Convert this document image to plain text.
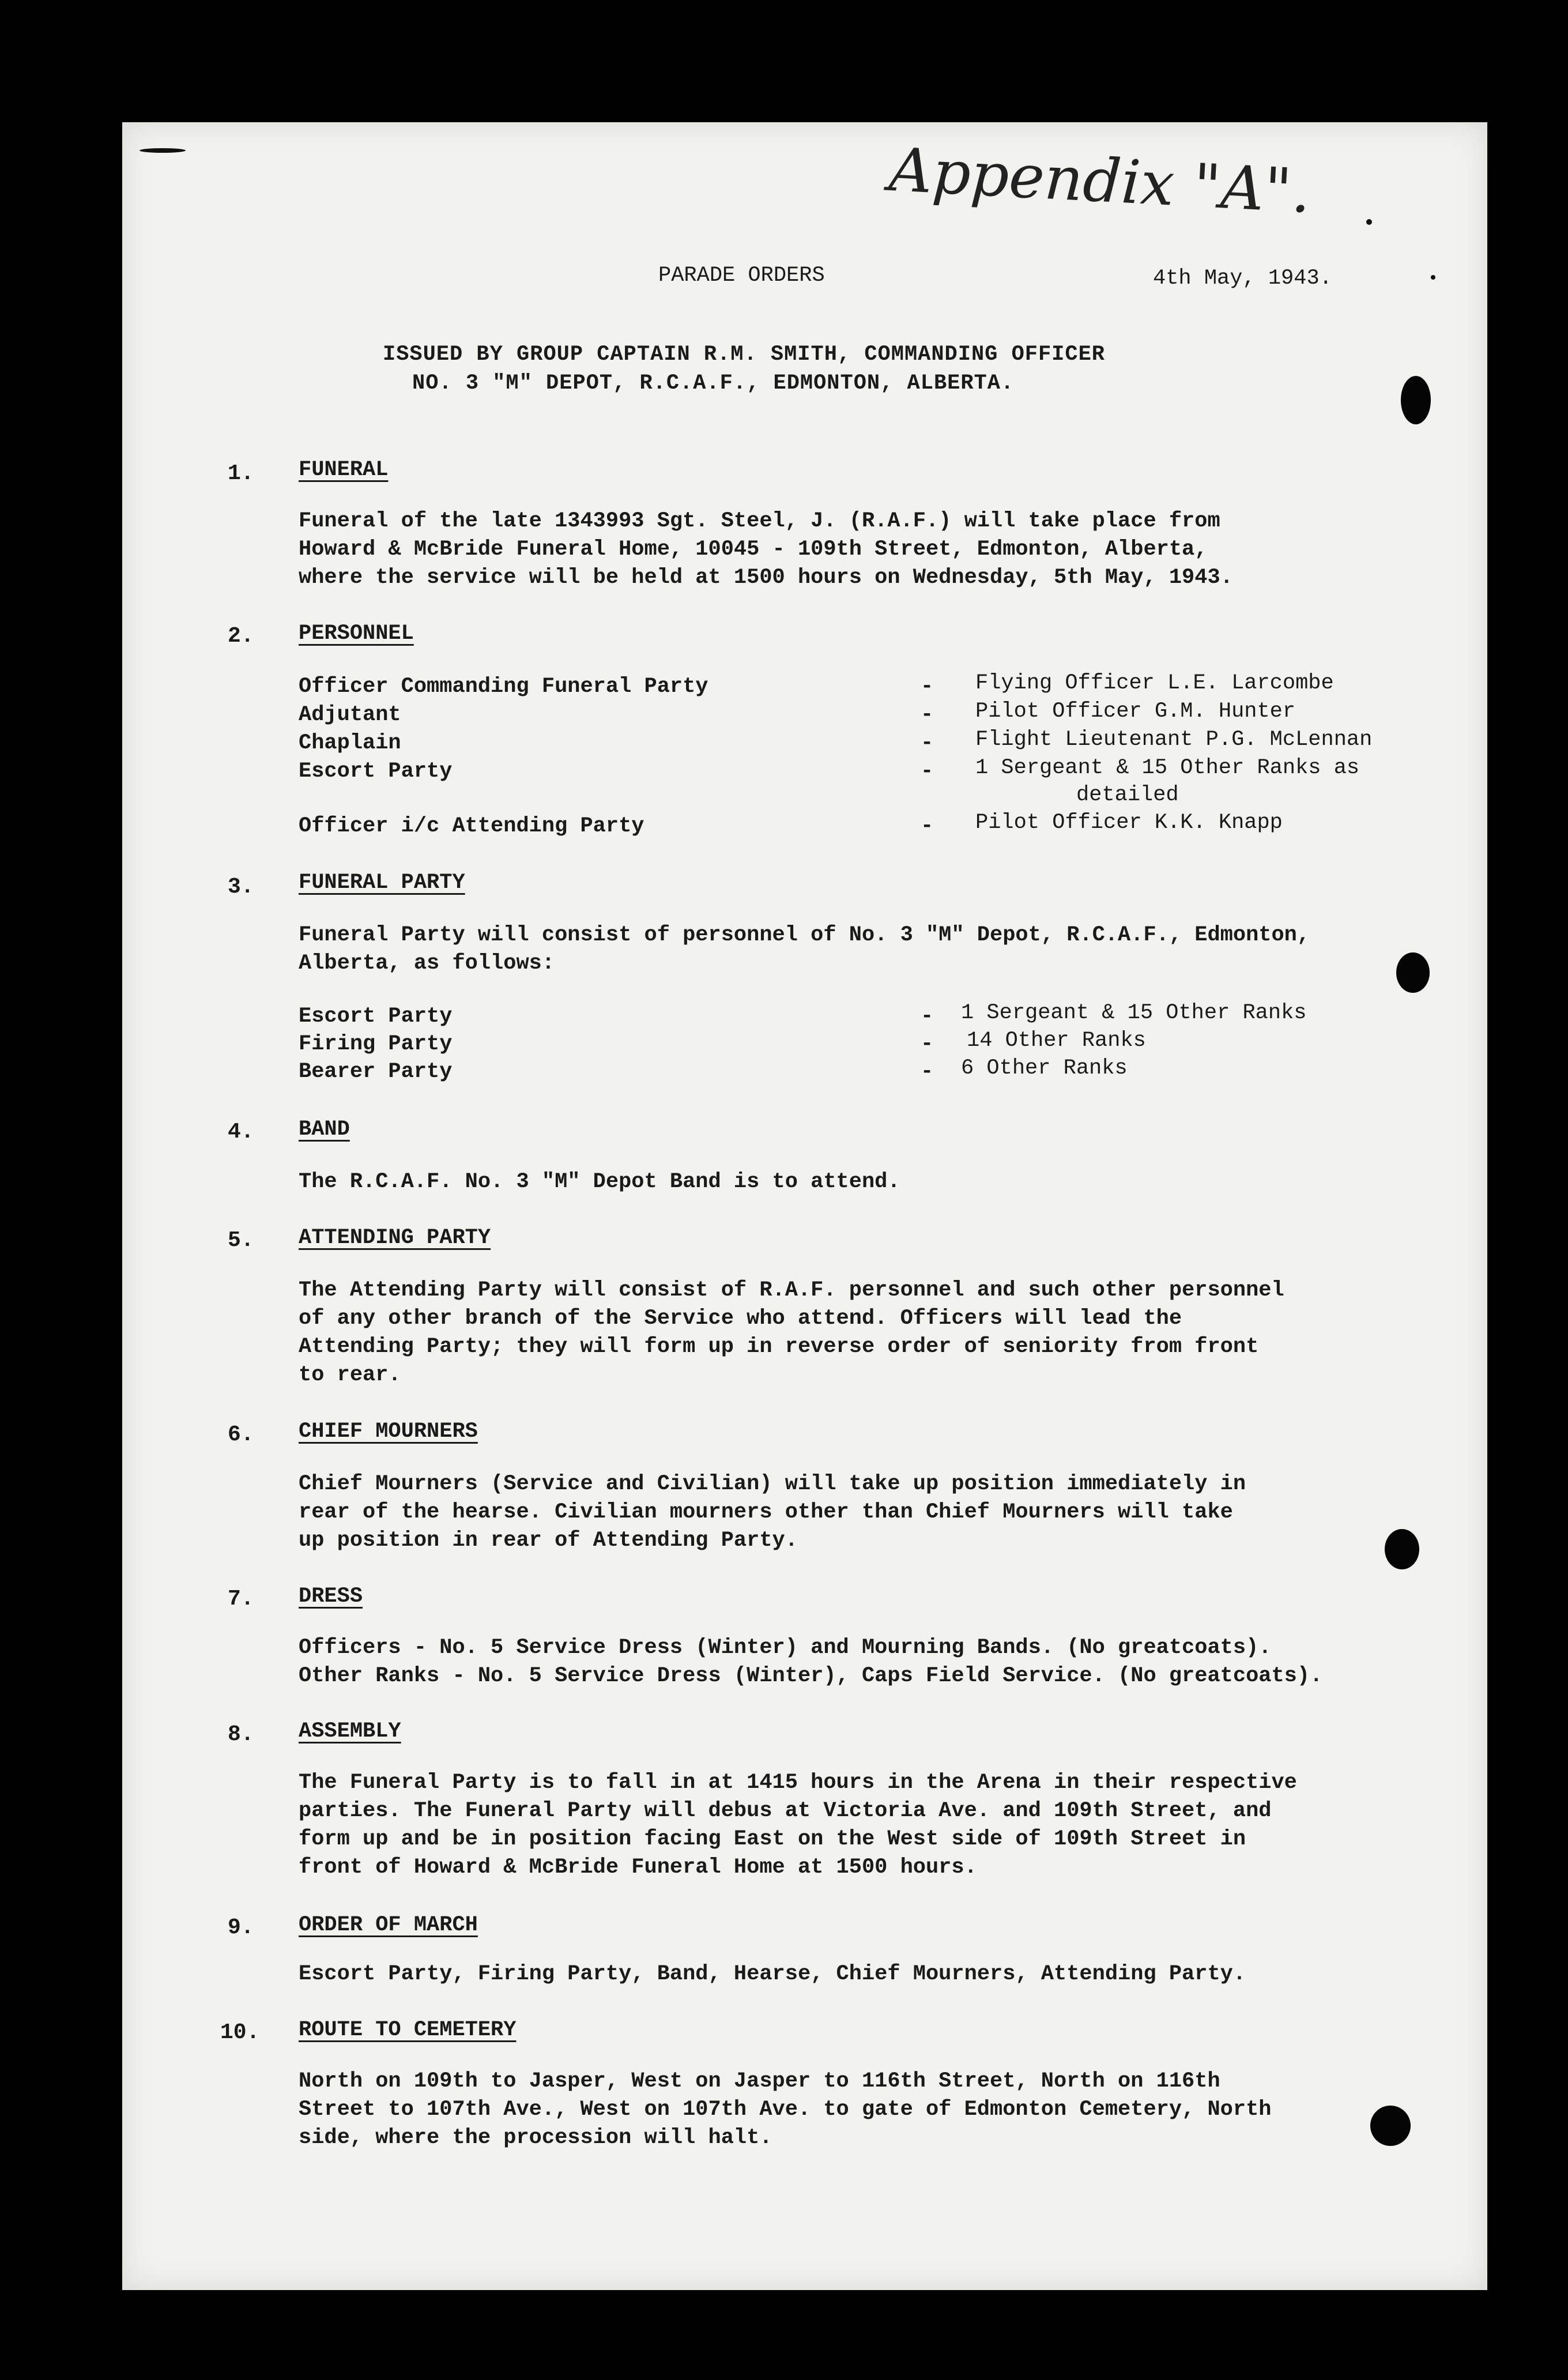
Appendix "A".
PARADE ORDERS	4th May, 1943.
ISSUED BY GROUP CAPTAIN R.M. SMITH, COMMANDING OFFICER
NO. 3 "M" DEPOT, R.C.A.F., EDMONTON, ALBERTA.
1. FUNERAL

Funeral of the late 1343993 Sgt. Steel, J. (R.A.F.) will take place from

Howard & McBride Funeral Home, 10045 - 109th Street, Edmonton, Alberta,

where the service will be held at 1500 hours on Wednesday, 5th May, 1943.

2. PERSONNEL
Officer Commanding Funeral Party	- Flying Officer L.E. Larcombe
Adjutant	- Pilot Officer G.M. Hunter
Chaplain	- Flight Lieutenant P.G. McLennan
Escort Party	- 1 Sergeant & 15 Other Ranks as
detailed
Officer i/c Attending Party	- Pilot Officer K.K. Knapp
3. FUNERAL PARTY

Funeral Party will consist of personnel of No. 3 "M" Depot, R.C.A.F., Edmonton,

Alberta, as follows:

Escort Party	- 1 Sergeant & 15 Other Ranks
Firing Party	- 14 Other Ranks
Bearer Party	- 6 Other Ranks
4. BAND

The R.C.A.F. No. 3 "M" Depot Band is to attend.

5. ATTENDING PARTY

The Attending Party will consist of R.A.F. personnel and such other personnel

of any other branch of the Service who attend. Officers will lead the

Attending Party; they will form up in reverse order of seniority from front

to rear.

6. CHIEF MOURNERS

Chief Mourners (Service and Civilian) will take up position immediately in

rear of the hearse. Civilian mourners other than Chief Mourners will take

up position in rear of Attending Party.

7. DRESS

Officers - No. 5 Service Dress (Winter) and Mourning Bands. (No greatcoats).

Other Ranks - No. 5 Service Dress (Winter), Caps Field Service. (No greatcoats).

8. ASSEMBLY

The Funeral Party is to fall in at 1415 hours in the Arena in their respective

parties. The Funeral Party will debus at Victoria Ave. and 109th Street, and

form up and be in position facing East on the West side of 109th Street in

front of Howard & McBride Funeral Home at 1500 hours.

9. ORDER OF MARCH

Escort Party, Firing Party, Band, Hearse, Chief Mourners, Attending Party.

10. ROUTE TO CEMETERY

North on 109th to Jasper, West on Jasper to 116th Street, North on 116th

Street to 107th Ave., West on 107th Ave. to gate of Edmonton Cemetery, North

side, where the procession will halt.
